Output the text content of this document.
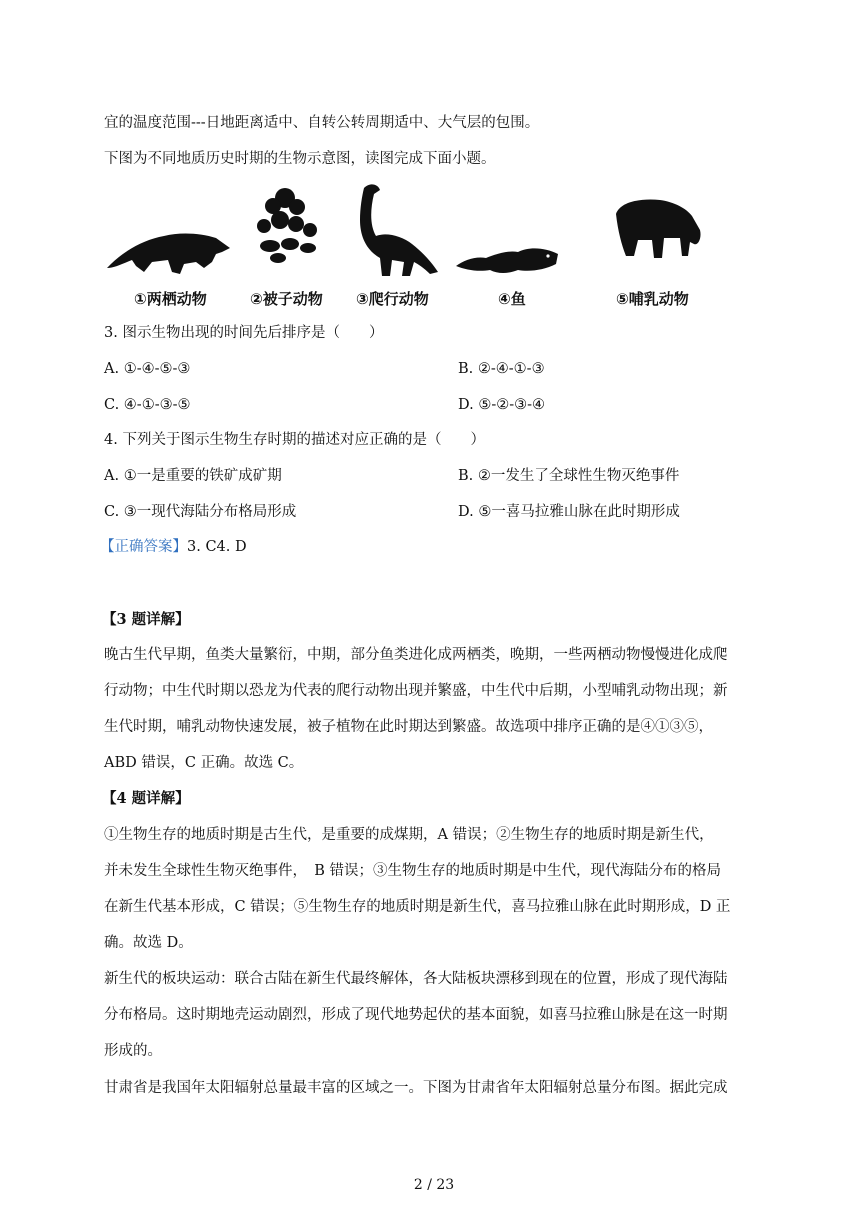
宜的温度范围---日地距离适中、自转公转周期适中、大气层的包围。
下图为不同地质历史时期的生物示意图，读图完成下面小题。
①两栖动物	②被子动物 ③爬行动物	④鱼	⑤哺乳动物
3. 图示生物出现的时间先后排序是（　　）
A. ①-④-⑤-③	B. ②-④-①-③
C. ④-①-③-⑤	D. ⑤-②-③-④
4. 下列关于图示生物生存时期的描述对应正确的是（　　）
A. ①一是重要的铁矿成矿期	B. ②一发生了全球性生物灭绝事件
C. ③一现代海陆分布格局形成	D. ⑤一喜马拉雅山脉在此时期形成
【正确答案】3. C4. D
【3 题详解】
晚古生代早期，鱼类大量繁衍，中期，部分鱼类进化成两栖类，晚期，一些两栖动物慢慢进化成爬
行动物；中生代时期以恐龙为代表的爬行动物出现并繁盛，中生代中后期，小型哺乳动物出现；新
生代时期，哺乳动物快速发展，被子植物在此时期达到繁盛。故选项中排序正确的是④①③⑤，
ABD 错误，C 正确。故选 C。
【4 题详解】
①生物生存的地质时期是古生代，是重要的成煤期，A 错误；②生物生存的地质时期是新生代，
并未发生全球性生物灭绝事件，　B 错误；③生物生存的地质时期是中生代，现代海陆分布的格局
在新生代基本形成，C 错误；⑤生物生存的地质时期是新生代，喜马拉雅山脉在此时期形成，D 正
确。故选 D。
新生代的板块运动：联合古陆在新生代最终解体，各大陆板块漂移到现在的位置，形成了现代海陆
分布格局。这时期地壳运动剧烈，形成了现代地势起伏的基本面貌，如喜马拉雅山脉是在这一时期
形成的。
甘肃省是我国年太阳辐射总量最丰富的区域之一。下图为甘肃省年太阳辐射总量分布图。据此完成
2 / 23
